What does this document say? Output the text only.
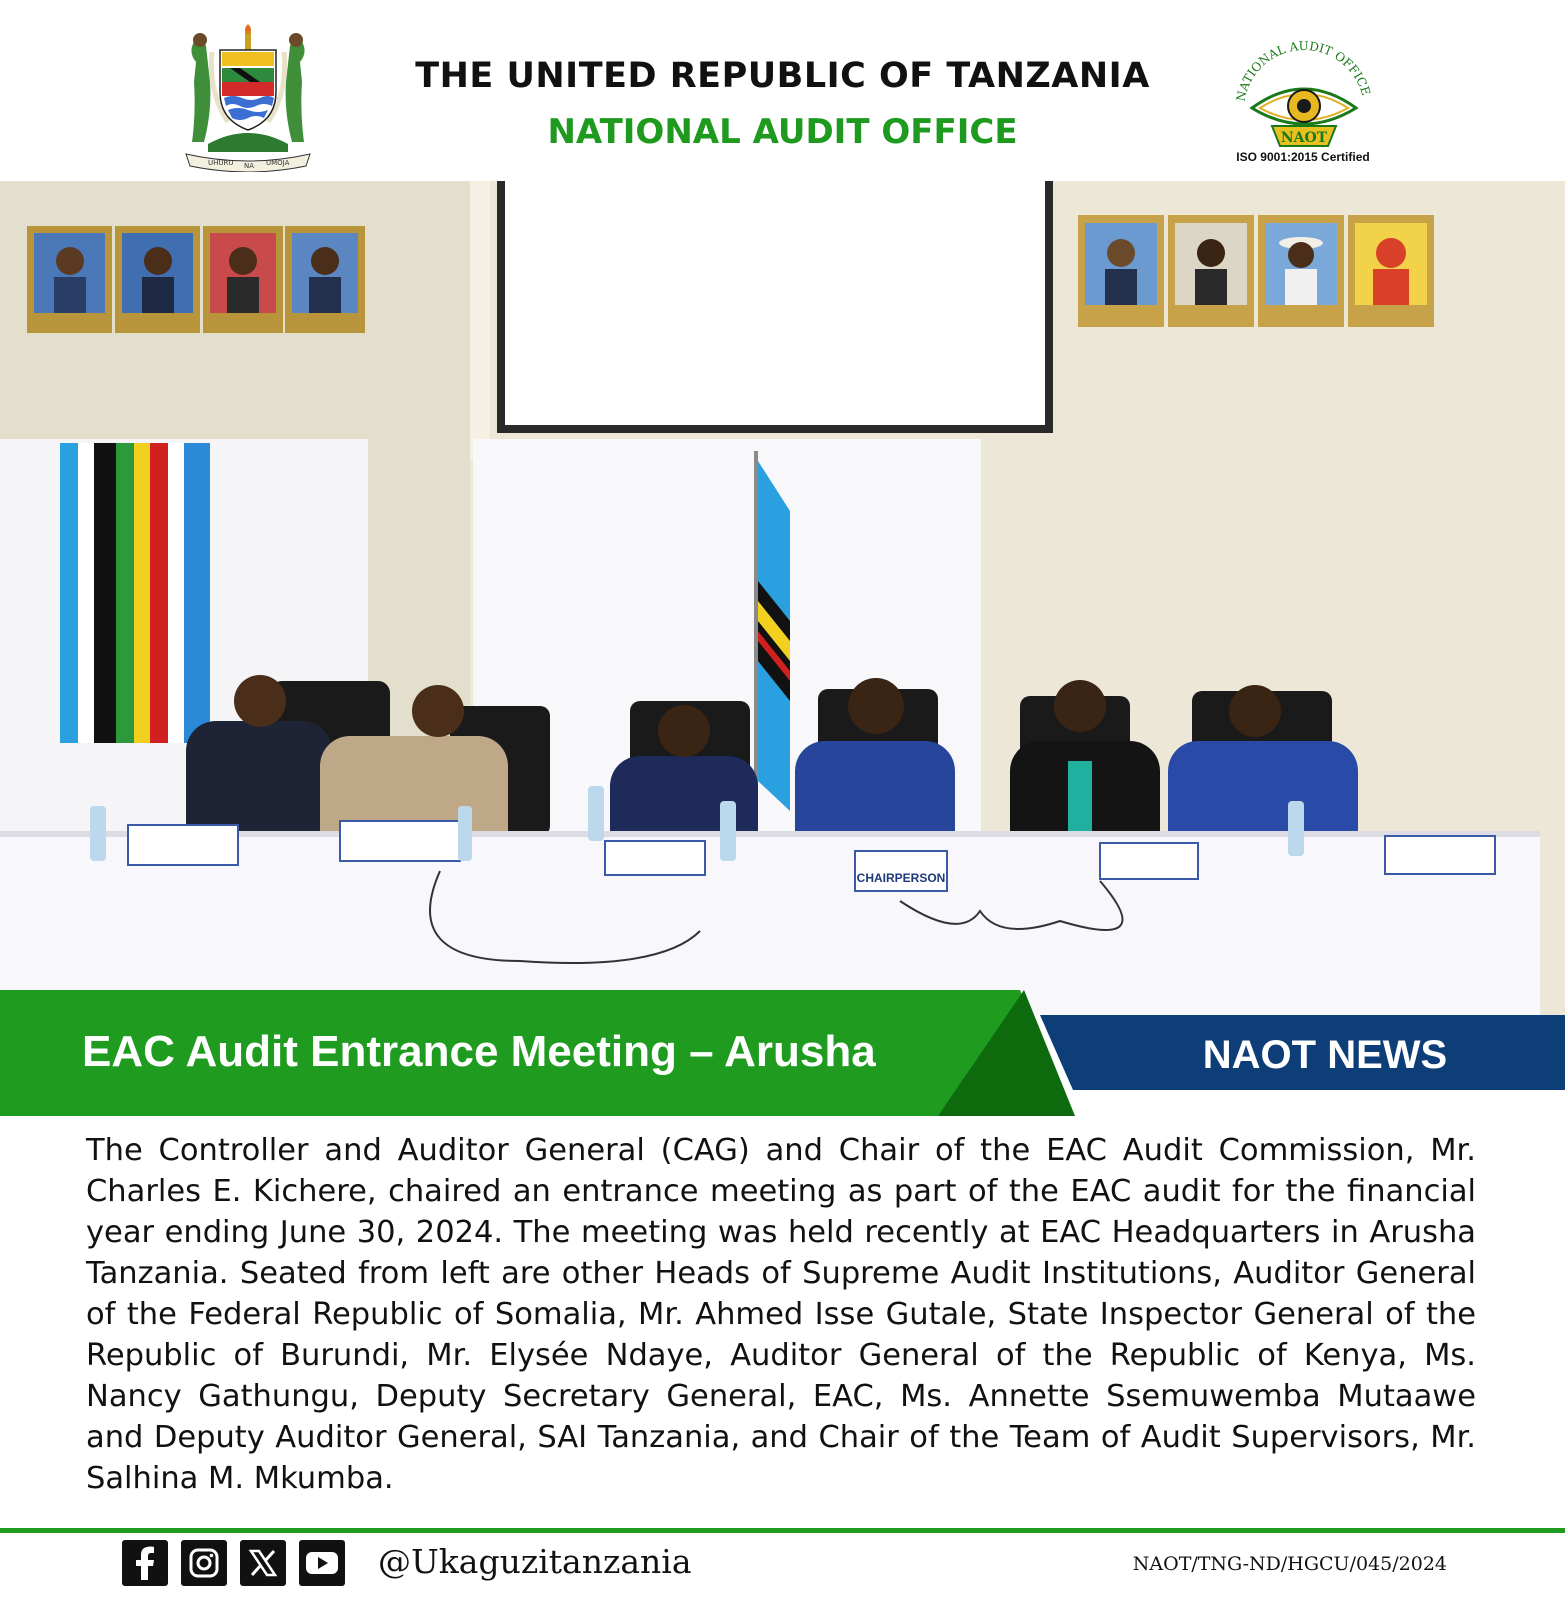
UHURU NA UMOJA
THE UNITED REPUBLIC OF TANZANIA
NATIONAL AUDIT OFFICE
NATIONAL AUDIT OFFICE
NAOT
ISO 9001:2015 Certified
CHAIRPERSON
EAC Audit Entrance Meeting – Arusha	NAOT NEWS
The Controller and Auditor General (CAG) and Chair of the EAC Audit Commission, Mr. Charles E. Kichere, chaired an entrance meeting as part of the EAC audit for the financial year ending June 30, 2024. The meeting was held recently at EAC Headquarters in Arusha Tanzania. Seated from left are other Heads of Supreme Audit Institutions, Auditor General of the Federal Republic of Somalia, Mr. Ahmed Isse Gutale, State Inspector General of the Republic of Burundi, Mr. Elysée Ndaye, Auditor General of the Republic of Kenya, Ms. Nancy Gathungu, Deputy Secretary General, EAC, Ms. Annette Ssemuwemba Mutaawe and Deputy Auditor General, SAI Tanzania, and Chair of the Team of Audit Supervisors, Mr. Salhina M. Mkumba.
@Ukaguzitanzania	NAOT/TNG-ND/HGCU/045/2024
